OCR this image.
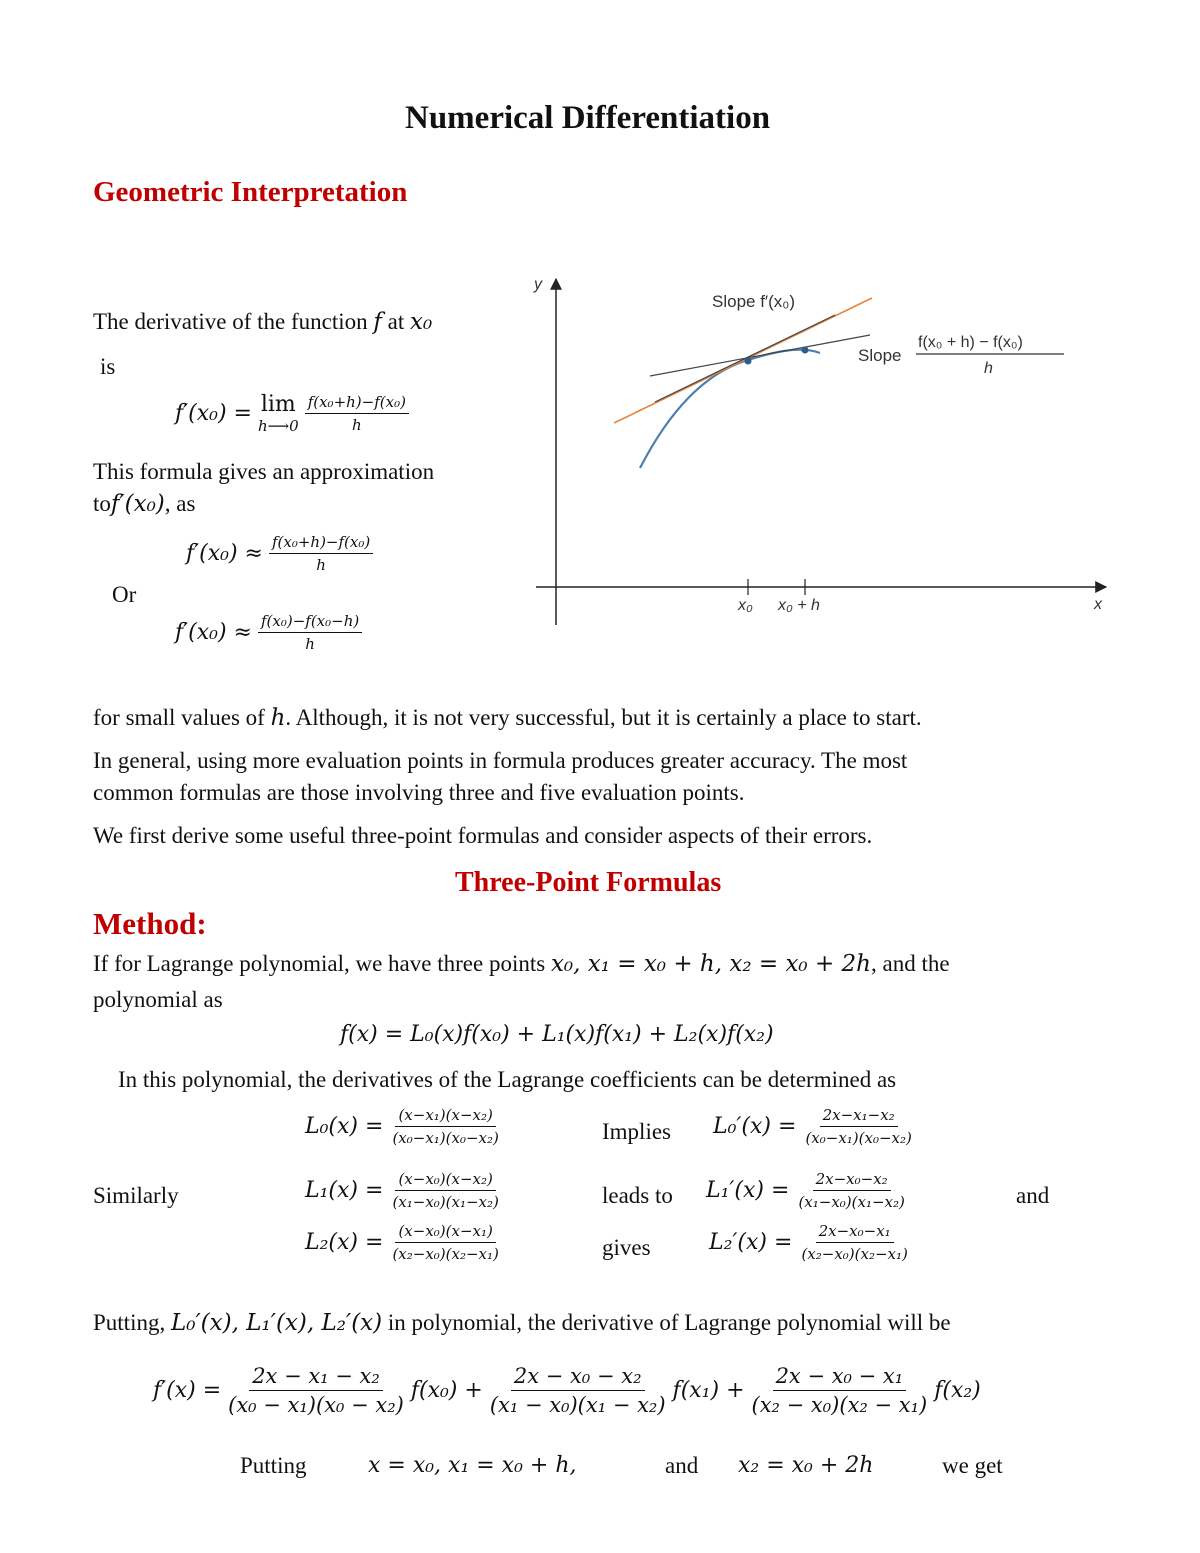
Numerical Differentiation
Geometric Interpretation
The derivative of the function f at x₀
is
f′(x₀) = lim
h⟶0 $\frac{\text{f(x₀+h)−f(x₀)}}{h}$
This formula gives an approximation
tof′(x₀), as
$f'(x_0) \approx \frac{\text{f(x₀+h)−f(x₀)}}{h}$
Or
$f'(x_0) \approx \frac{\text{f(x₀)−f(x₀−h)}}{h}$
y
x
x₀ x₀ + h
Slope f′(x₀)
Slope
f(x₀ + h) − f(x₀)
h
for small values of h. Although, it is not very successful, but it is certainly a place to start.
In general, using more evaluation points in formula produces greater accuracy. The most
common formulas are those involving three and five evaluation points.
We first derive some useful three-point formulas and consider aspects of their errors.
Three-Point Formulas
Method:
If for Lagrange polynomial, we have three points x₀, x₁ = x₀ + h, x₂ = x₀ + 2h, and the
polynomial as
f(x) = L₀(x)f(x₀) + L₁(x)f(x₁) + L₂(x)f(x₂)
In this polynomial, the derivatives of the Lagrange coefficients can be determined as
$L_0(x) = \frac{\text{(x−x₁)(x−x₂)}}{\text{(x₀−x₁)(x₀−x₂)}}$	Implies $L_0'(x) = \frac{\text{2x−x₁−x₂}}{\text{(x₀−x₁)(x₀−x₂)}}$
Similarly	$L_1(x) = \frac{\text{(x−x₀)(x−x₂)}}{\text{(x₁−x₀)(x₁−x₂)}}$	leads to $L_1'(x) = \frac{\text{2x−x₀−x₂}}{\text{(x₁−x₀)(x₁−x₂)}}$	and
$L_2(x) = \frac{\text{(x−x₀)(x−x₁)}}{\text{(x₂−x₀)(x₂−x₁)}}$	gives	$L_2'(x) = \frac{\text{2x−x₀−x₁}}{\text{(x₂−x₀)(x₂−x₁)}}$
Putting, L₀′(x), L₁′(x), L₂′(x) in polynomial, the derivative of Lagrange polynomial will be
$f'(x) = \frac{\text{2x − x₁ − x₂}}{\text{(x₀ − x₁)(x₀ − x₂)}} f(x_0) + \frac{\text{2x − x₀ − x₂}}{\text{(x₁ − x₀)(x₁ − x₂)}} f(x_1) + \frac{\text{2x − x₀ − x₁}}{\text{(x₂ − x₀)(x₂ − x₁)}} f(x_2)$
Putting	x = x₀, x₁ = x₀ + h,	and x₂ = x₀ + 2h	we get
